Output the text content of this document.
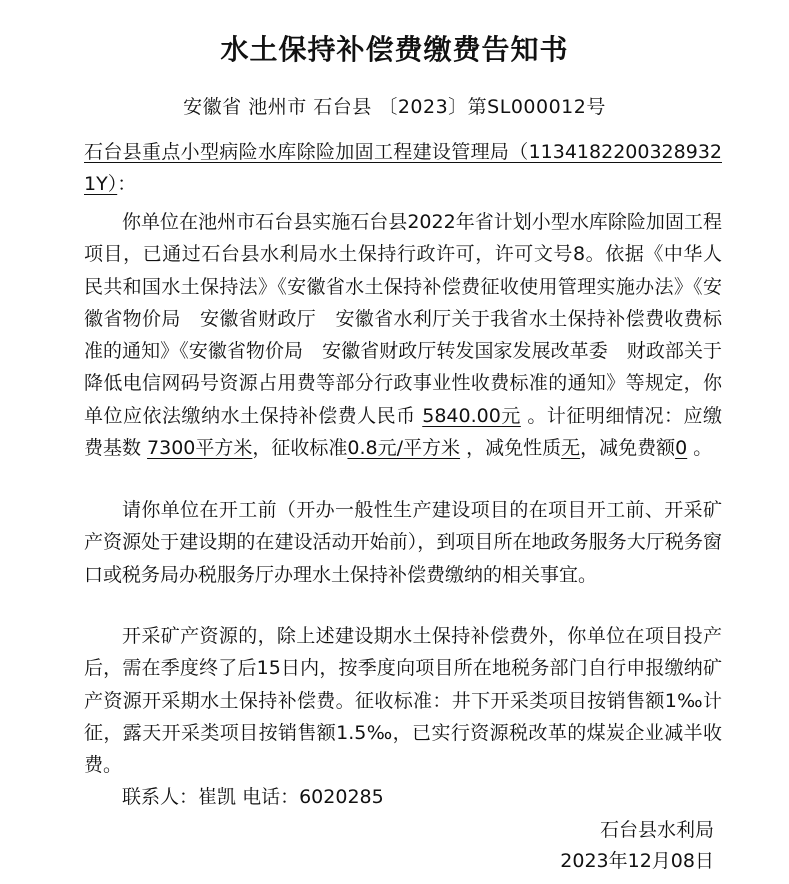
水土保持补偿费缴费告知书
安徽省 池州市 石台县 〔2023〕第SL000012号
石台县重点小型病险水库除险加固工程建设管理局（11341822003289321Y）：
你单位在池州市石台县实施石台县2022年省计划小型水库除险加固工程项目，已通过石台县水利局水土保持行政许可，许可文号8。依据《中华人民共和国水土保持法》《安徽省水土保持补偿费征收使用管理实施办法》《安徽省物价局　安徽省财政厅　安徽省水利厅关于我省水土保持补偿费收费标准的通知》《安徽省物价局　安徽省财政厅转发国家发展改革委　财政部关于降低电信网码号资源占用费等部分行政事业性收费标准的通知》等规定，你单位应依法缴纳水土保持补偿费人民币 5840.00元 。计征明细情况：应缴费基数 7300平方米，征收标准0.8元/平方米 ，减免性质无，减免费额0 。
请你单位在开工前（开办一般性生产建设项目的在项目开工前、开采矿产资源处于建设期的在建设活动开始前），到项目所在地政务服务大厅税务窗口或税务局办税服务厅办理水土保持补偿费缴纳的相关事宜。
开采矿产资源的，除上述建设期水土保持补偿费外，你单位在项目投产后，需在季度终了后15日内，按季度向项目所在地税务部门自行申报缴纳矿产资源开采期水土保持补偿费。征收标准：井下开采类项目按销售额1‰计征，露天开采类项目按销售额1.5‰，已实行资源税改革的煤炭企业减半收费。
联系人：崔凯 电话：6020285
石台县水利局
2023年12月08日
